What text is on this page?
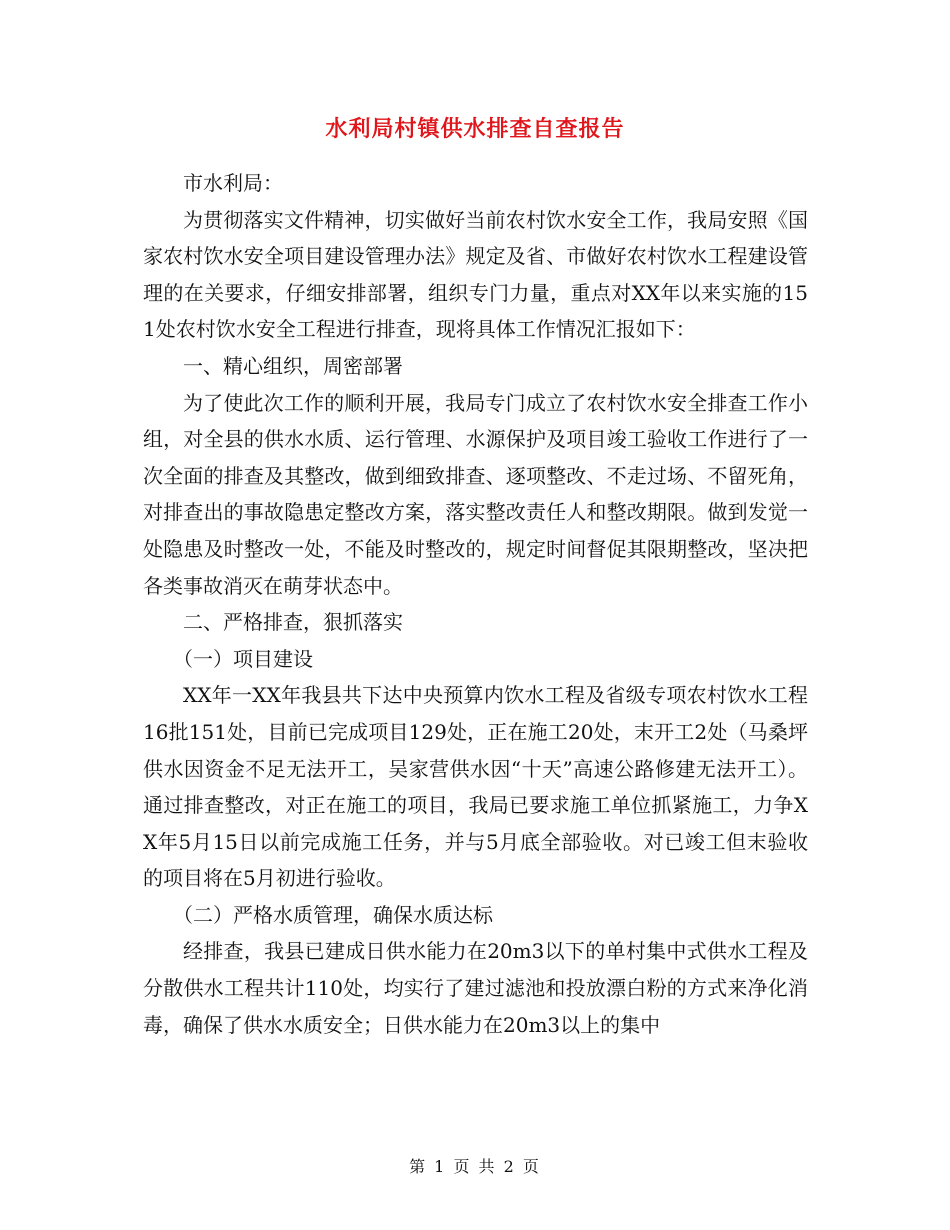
水利局村镇供水排查自查报告

市水利局：

为贯彻落实文件精神，切实做好当前农村饮水安全工作，我局安照《国家农村饮水安全项目建设管理办法》规定及省、市做好农村饮水工程建设管理的在关要求，仔细安排部署，组织专门力量，重点对XX年以来实施的151处农村饮水安全工程进行排查，现将具体工作情况汇报如下：

一、精心组织，周密部署

为了使此次工作的顺利开展，我局专门成立了农村饮水安全排查工作小组，对全县的供水水质、运行管理、水源保护及项目竣工验收工作进行了一次全面的排查及其整改，做到细致排查、逐项整改、不走过场、不留死角，对排查出的事故隐患定整改方案，落实整改责任人和整改期限。做到发觉一处隐患及时整改一处，不能及时整改的，规定时间督促其限期整改，坚决把各类事故消灭在萌芽状态中。

二、严格排查，狠抓落实

（一）项目建设

XX年一XX年我县共下达中央预算内饮水工程及省级专项农村饮水工程16批151处，目前已完成项目129处，正在施工20处，末开工2处（马桑坪供水因资金不足无法开工，吴家营供水因“十天”高速公路修建无法开工）。通过排查整改，对正在施工的项目，我局已要求施工单位抓紧施工，力争XX年5月15日以前完成施工任务，并与5月底全部验收。对已竣工但末验收的项目将在5月初进行验收。

（二）严格水质管理，确保水质达标

经排查，我县已建成日供水能力在20m3以下的单村集中式供水工程及分散供水工程共计110处，均实行了建过滤池和投放漂白粉的方式来净化消毒，确保了供水水质安全；日供水能力在20m3以上的集中

第 1 页 共 2 页
